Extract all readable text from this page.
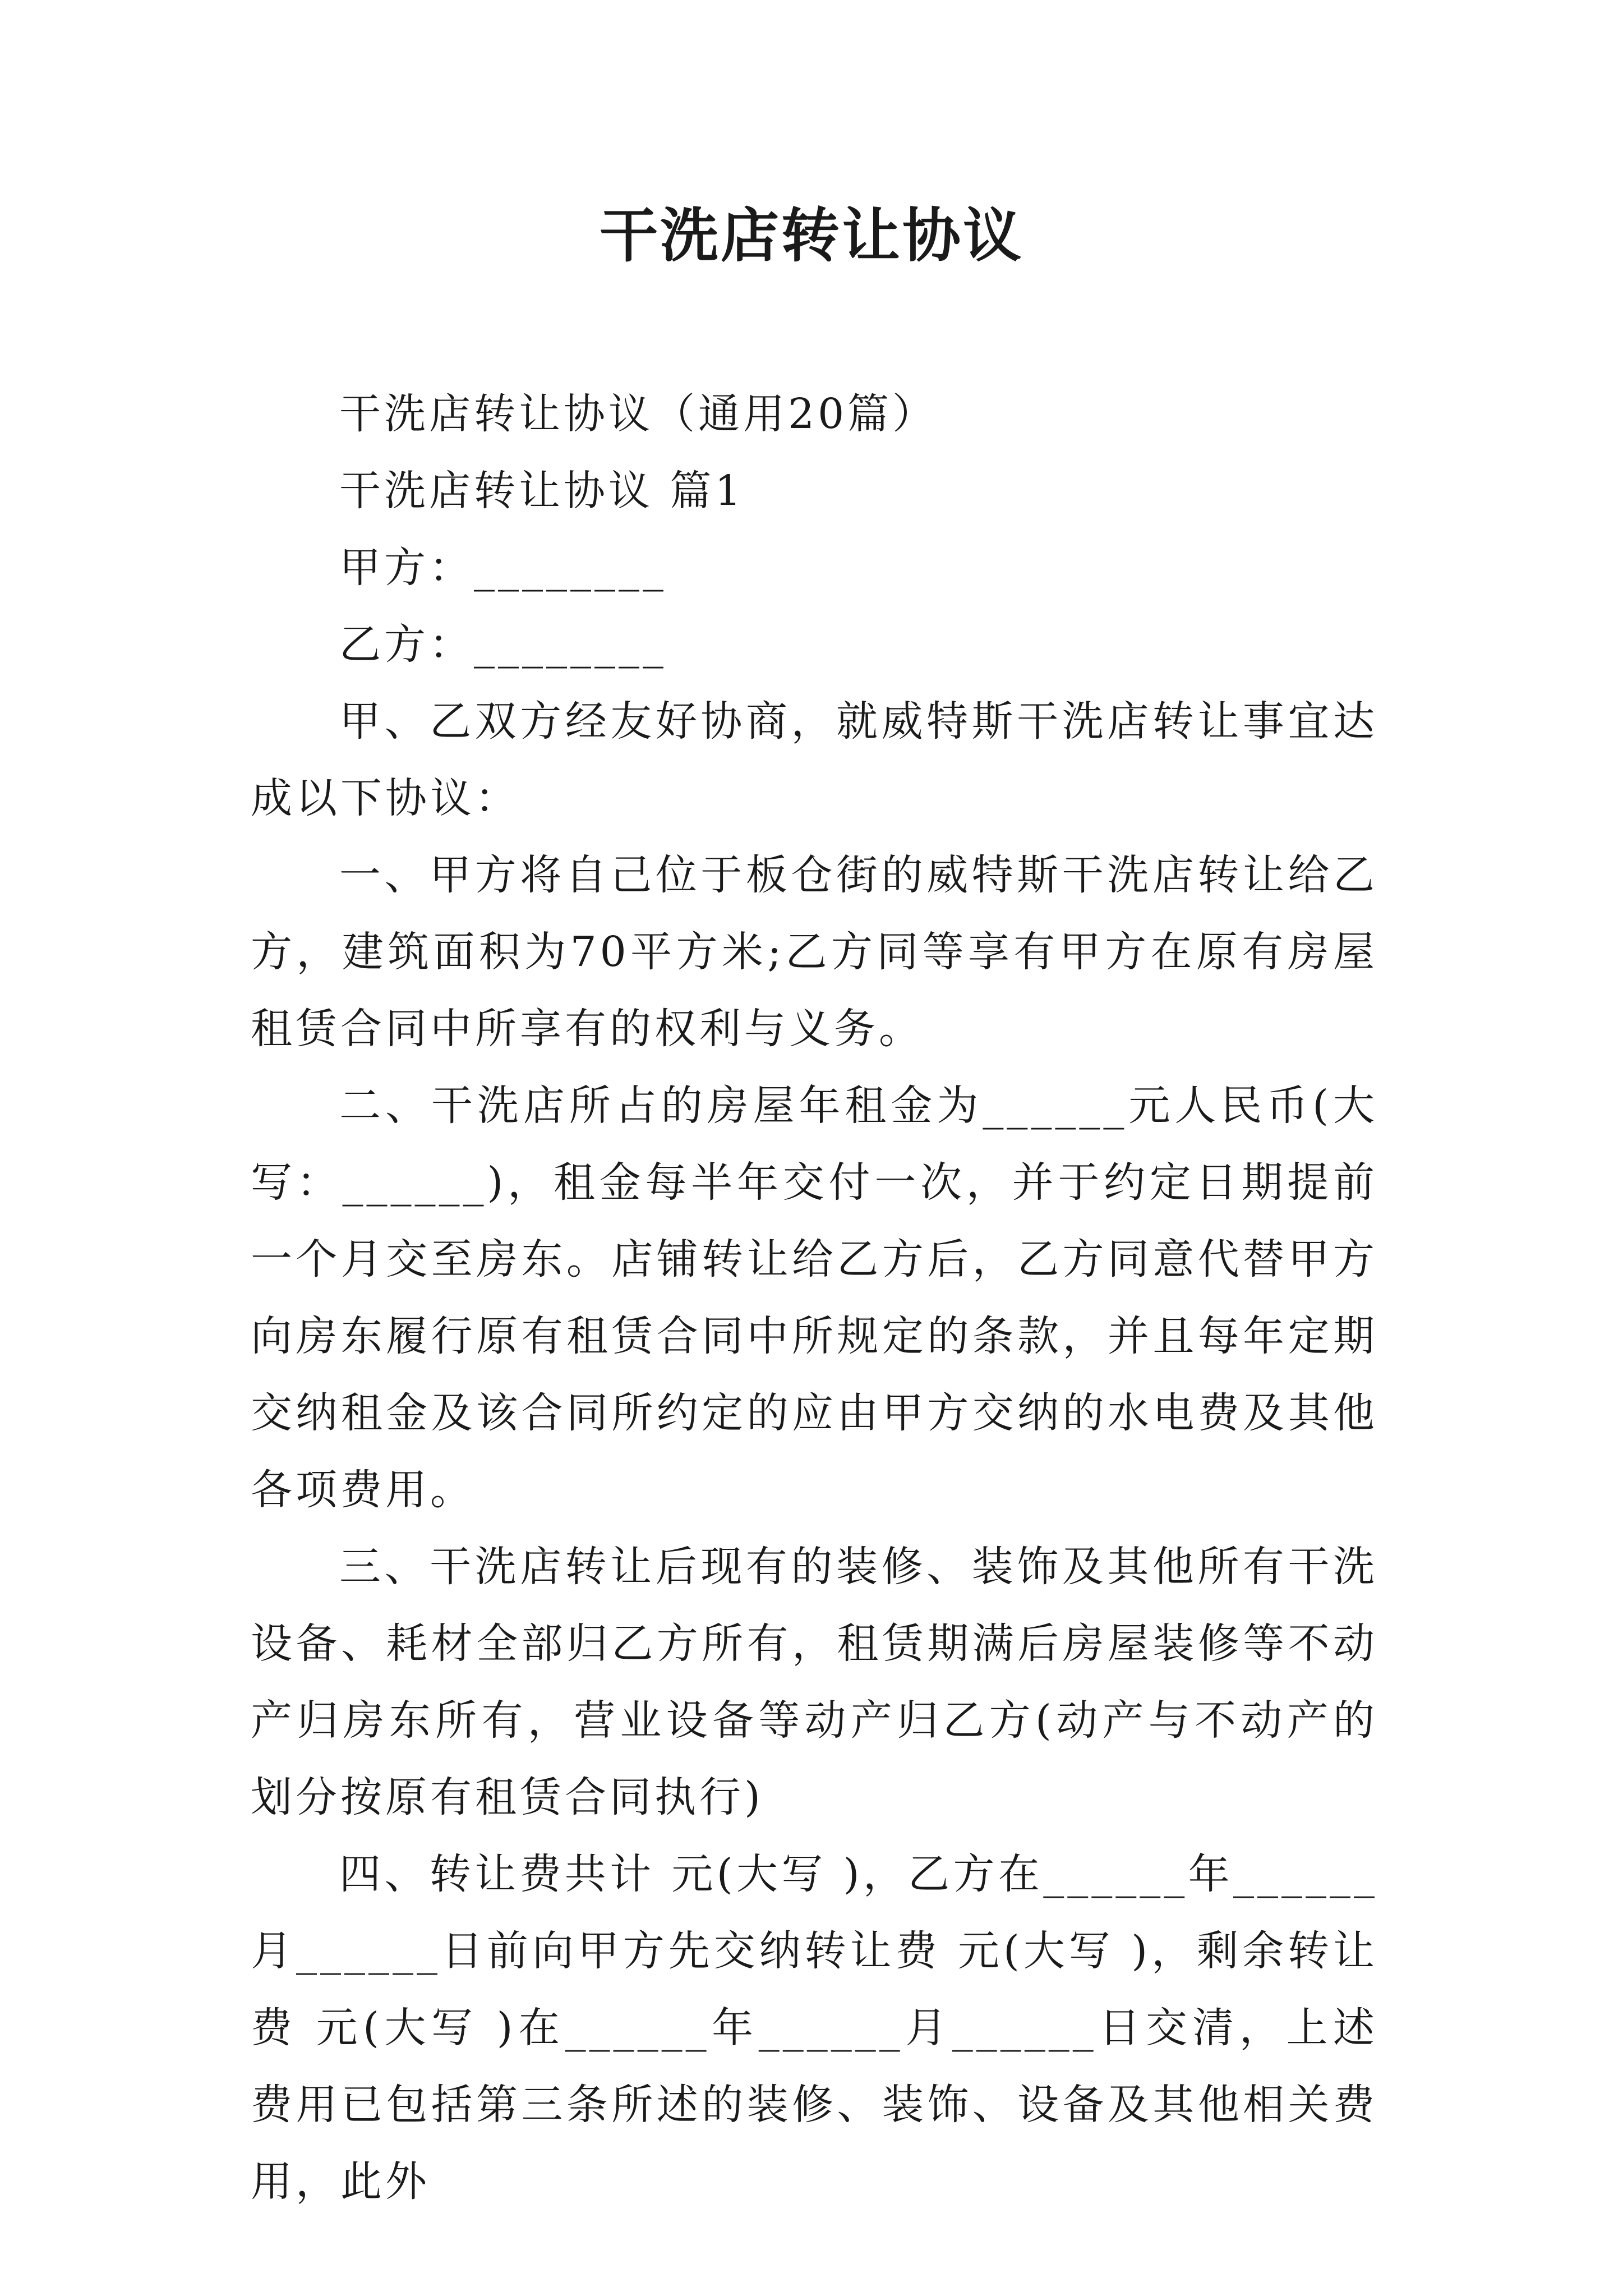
干洗店转让协议

干洗店转让协议（通用20篇）

干洗店转让协议 篇1

甲方：________

乙方：________

甲、乙双方经友好协商，就威特斯干洗店转让事宜达成以下协议：

一、甲方将自己位于板仓街的威特斯干洗店转让给乙方，建筑面积为70平方米;乙方同等享有甲方在原有房屋租赁合同中所享有的权利与义务。

二、干洗店所占的房屋年租金为______元人民币(大写：______)，租金每半年交付一次，并于约定日期提前一个月交至房东。店铺转让给乙方后，乙方同意代替甲方向房东履行原有租赁合同中所规定的条款，并且每年定期交纳租金及该合同所约定的应由甲方交纳的水电费及其他各项费用。

三、干洗店转让后现有的装修、装饰及其他所有干洗设备、耗材全部归乙方所有，租赁期满后房屋装修等不动产归房东所有，营业设备等动产归乙方(动产与不动产的划分按原有租赁合同执行)

四、转让费共计 元(大写 )，乙方在______年______月______日前向甲方先交纳转让费 元(大写 )，剩余转让费 元(大写 )在______年______月______日交清，上述费用已包括第三条所述的装修、装饰、设备及其他相关费用，此外
